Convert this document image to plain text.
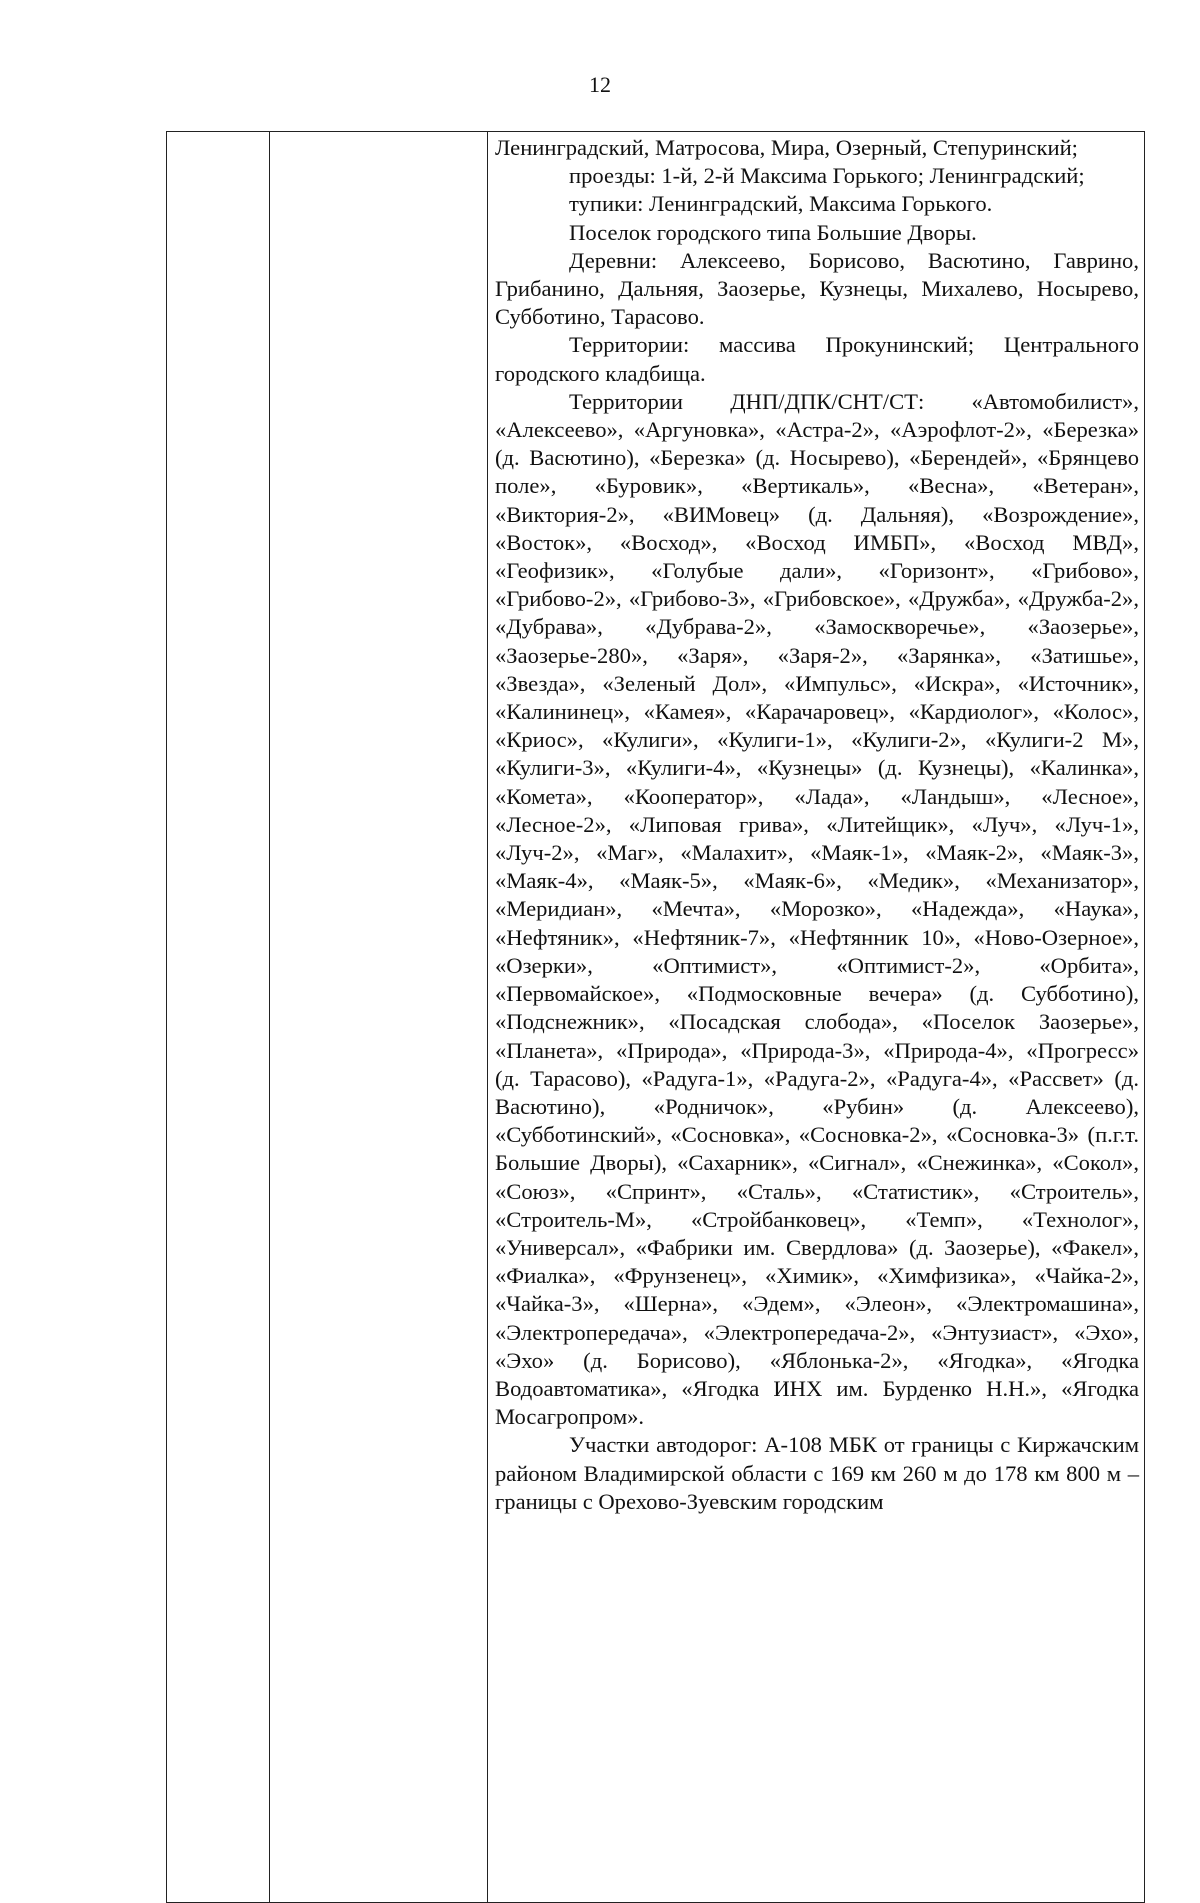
12

Ленинградский, Матросова, Мира, Озерный, Степуринский;

проезды: 1-й, 2-й Максима Горького; Ленинградский;

тупики: Ленинградский, Максима Горького.

Поселок городского типа Большие Дворы.

Деревни: Алексеево, Борисово, Васютино, Гаврино, Грибанино, Дальняя, Заозерье, Кузнецы, Михалево, Носырево, Субботино, Тарасово.

Территории: массива Прокунинский; Центрального городского кладбища.

Территории ДНП/ДПК/СНТ/СТ: «Автомобилист», «Алексеево», «Аргуновка», «Астра-2», «Аэрофлот-2», «Березка» (д. Васютино), «Березка» (д. Носырево), «Берендей», «Брянцево поле», «Буровик», «Вертикаль», «Весна», «Ветеран», «Виктория-2», «ВИМовец» (д. Дальняя), «Возрождение», «Восток», «Восход», «Восход ИМБП», «Восход МВД», «Геофизик», «Голубые дали», «Горизонт», «Грибово», «Грибово-2», «Грибово-3», «Грибовское», «Дружба», «Дружба-2», «Дубрава», «Дубрава-2», «Замоскворечье», «Заозерье», «Заозерье-280», «Заря», «Заря-2», «Зарянка», «Затишье», «Звезда», «Зеленый Дол», «Импульс», «Искра», «Источник», «Калининец», «Камея», «Карачаровец», «Кардиолог», «Колос», «Криос», «Кулиги», «Кулиги-1», «Кулиги-2», «Кулиги-2 М», «Кулиги-3», «Кулиги-4», «Кузнецы» (д. Кузнецы), «Калинка», «Комета», «Кооператор», «Лада», «Ландыш», «Лесное», «Лесное-2», «Липовая грива», «Литейщик», «Луч», «Луч-1», «Луч-2», «Маг», «Малахит», «Маяк-1», «Маяк-2», «Маяк-3», «Маяк-4», «Маяк-5», «Маяк-6», «Медик», «Механизатор», «Меридиан», «Мечта», «Морозко», «Надежда», «Наука», «Нефтяник», «Нефтяник-7», «Нефтянник 10», «Ново-Озерное», «Озерки», «Оптимист», «Оптимист-2», «Орбита», «Первомайское», «Подмосковные вечера» (д. Субботино), «Подснежник», «Посадская слобода», «Поселок Заозерье», «Планета», «Природа», «Природа-3», «Природа-4», «Прогресс» (д. Тарасово), «Радуга-1», «Радуга-2», «Радуга-4», «Рассвет» (д. Васютино), «Родничок», «Рубин» (д. Алексеево), «Субботинский», «Сосновка», «Сосновка-2», «Сосновка-3» (п.г.т. Большие Дворы), «Сахарник», «Сигнал», «Снежинка», «Сокол», «Союз», «Спринт», «Сталь», «Статистик», «Строитель», «Строитель-М», «Стройбанковец», «Темп», «Технолог», «Универсал», «Фабрики им. Свердлова» (д. Заозерье), «Факел», «Фиалка», «Фрунзенец», «Химик», «Химфизика», «Чайка-2», «Чайка-3», «Шерна», «Эдем», «Элеон», «Электромашина», «Электропередача», «Электропередача-2», «Энтузиаст», «Эхо», «Эхо» (д. Борисово), «Яблонька-2», «Ягодка», «Ягодка Водоавтоматика», «Ягодка ИНХ им. Бурденко Н.Н.», «Ягодка Мосагропром».

Участки автодорог: А-108 МБК от границы с Киржачским районом Владимирской области с 169 км 260 м до 178 км 800 м – границы с Орехово-Зуевским городским
